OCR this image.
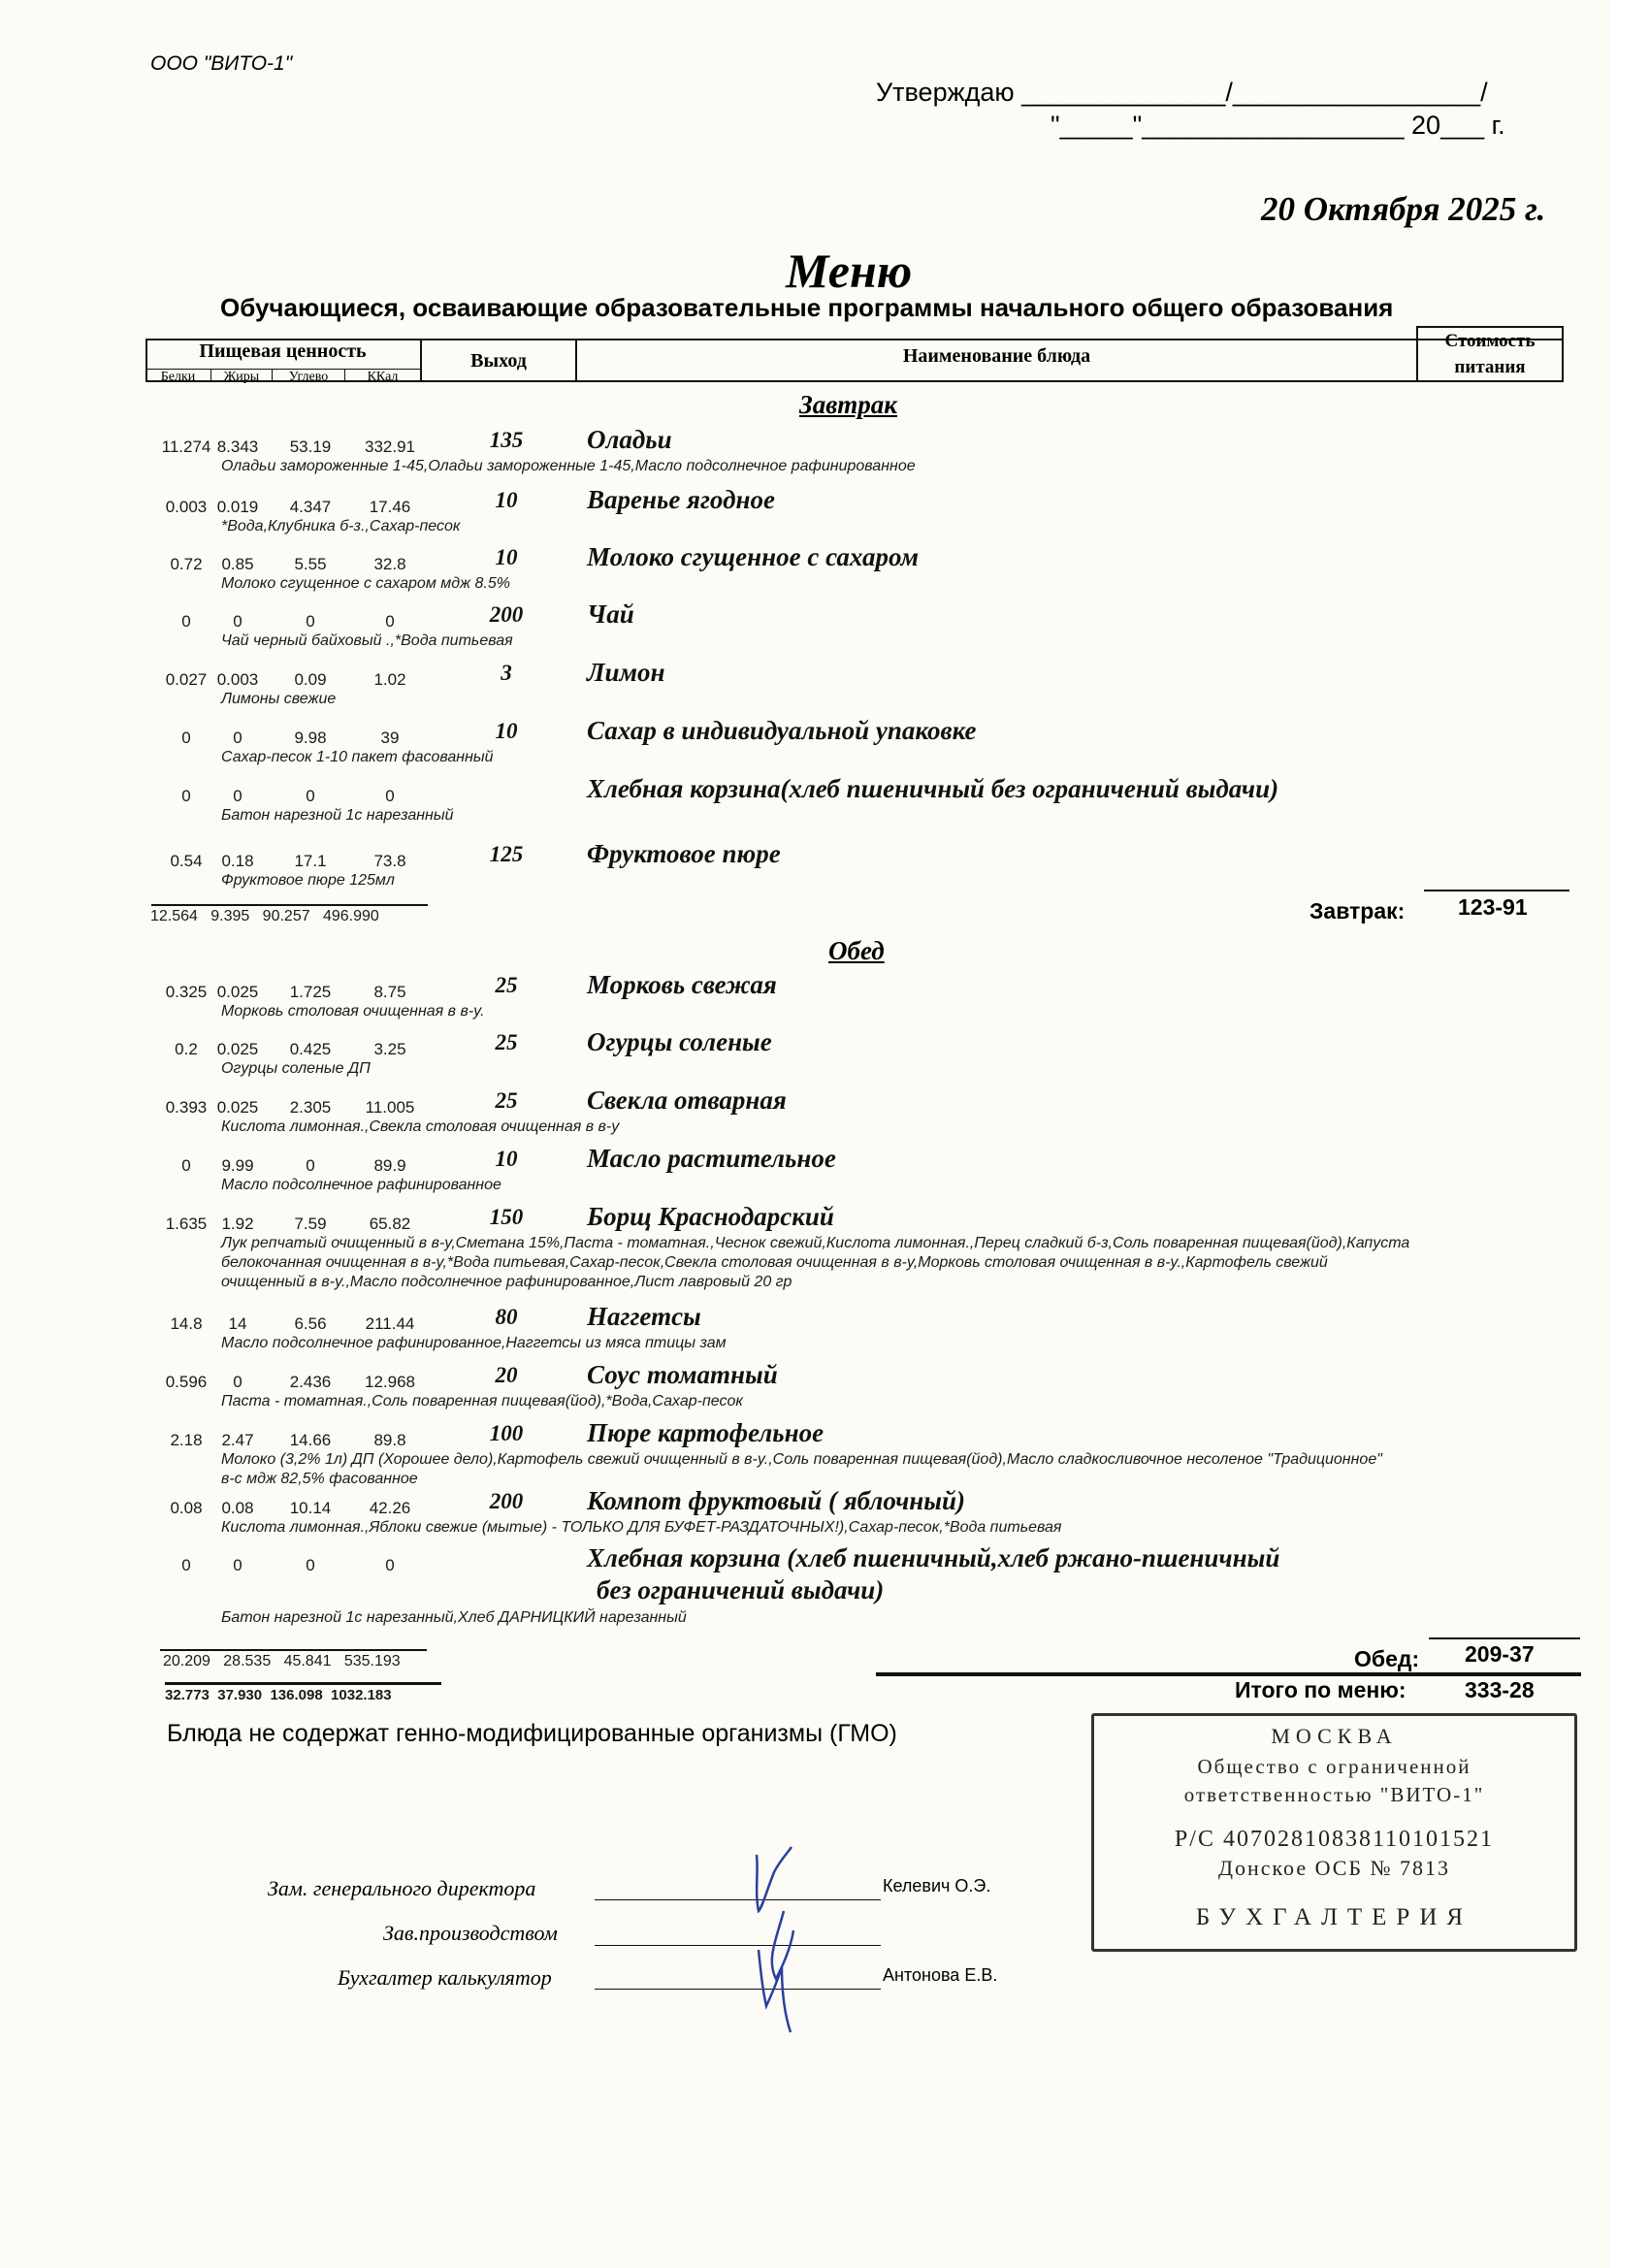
ООО "ВИТО-1"
Утверждаю ______________/_________________/
"_____"__________________ 20___ г.
20 Октября 2025 г.
Меню
Обучающиеся, осваивающие образовательные программы начального общего образования
Пищевая ценность
Белки	Жиры	Углево	ККал
Выход	Наименование блюда
Стоимость питания
Завтрак
11.274 8.343	53.19	332.91	135	Оладьи
Оладьи замороженные 1-45,Оладьи замороженные 1-45,Масло подсолнечное рафинированное
0.003 0.019	4.347	17.46	10	Варенье ягодное
*Вода,Клубника б-з.,Сахар-песок
0.72	0.85	5.55	32.8	10	Молоко сгущенное с сахаром
Молоко сгущенное с сахаром мдж 8.5%
0	0	0	0	200	Чай
Чай черный байховый .,*Вода питьевая
0.027 0.003	0.09	1.02	3	Лимон
Лимоны свежие
0	0	9.98	39	10	Сахар в индивидуальной упаковке
Сахар-песок 1-10 пакет фасованный
0	0	0	0	Хлебная корзина(хлеб пшеничный без ограничений выдачи)
Батон нарезной 1с нарезанный
0.54	0.18	17.1	73.8	125	Фруктовое пюре
Фруктовое пюре 125мл
12.564 9.395 90.257 496.990	Завтрак: 123-91
Обед
0.325 0.025	1.725	8.75	25	Морковь свежая
Морковь столовая очищенная в в-у.
0.2	0.025	0.425	3.25	25	Огурцы соленые
Огурцы соленые ДП
0.393 0.025	2.305	11.005	25	Свекла отварная
Кислота лимонная.,Свекла столовая очищенная в в-у
0	9.99	0	89.9	10	Масло растительное
Масло подсолнечное рафинированное
1.635 1.92	7.59	65.82	150	Борщ Краснодарский
Лук репчатый очищенный в в-у,Сметана 15%,Паста - томатная.,Чеснок свежий,Кислота лимонная.,Перец сладкий б-з,Соль поваренная пищевая(йод),Капуста
белокочанная очищенная в в-у,*Вода питьевая,Сахар-песок,Свекла столовая очищенная в в-у,Морковь столовая очищенная в в-у.,Картофель свежий
очищенный в в-у.,Масло подсолнечное рафинированное,Лист лавровый 20 гр
14.8	14	6.56	211.44	80	Наггетсы
Масло подсолнечное рафинированное,Наггетсы из мяса птицы зам
0.596	0	2.436	12.968	20	Соус томатный
Паста - томатная.,Соль поваренная пищевая(йод),*Вода,Сахар-песок
2.18	2.47	14.66	89.8	100	Пюре картофельное
Молоко (3,2% 1л) ДП (Хорошее дело),Картофель свежий очищенный в в-у.,Соль поваренная пищевая(йод),Масло сладкосливочное несоленое "Традиционное"
в-с мдж 82,5% фасованное
0.08	0.08	10.14	42.26	200	Компот фруктовый ( яблочный)
Кислота лимонная.,Яблоки свежие (мытые) - ТОЛЬКО ДЛЯ БУФЕТ-РАЗДАТОЧНЫХ!),Сахар-песок,*Вода питьевая
0	0	0	0	Хлебная корзина (хлеб пшеничный,хлеб ржано-пшеничный
без ограничений выдачи)
Батон нарезной 1с нарезанный,Хлеб ДАРНИЦКИЙ нарезанный
20.209 28.535 45.841 535.193	Обед: 209-37
32.773 37.930 136.098 1032.183	Итого по меню:	333-28
Блюда не содержат генно-модифицированные организмы (ГМО)
Зам. генерального директора	Келевич О.Э.
Зав.производством
Бухгалтер калькулятор	Антонова Е.В.
МОСКВА
Общество с ограниченной
ответственностью "ВИТО-1"
Р/С 40702810838110101521
Донское ОСБ № 7813
БУХГАЛТЕРИЯ
